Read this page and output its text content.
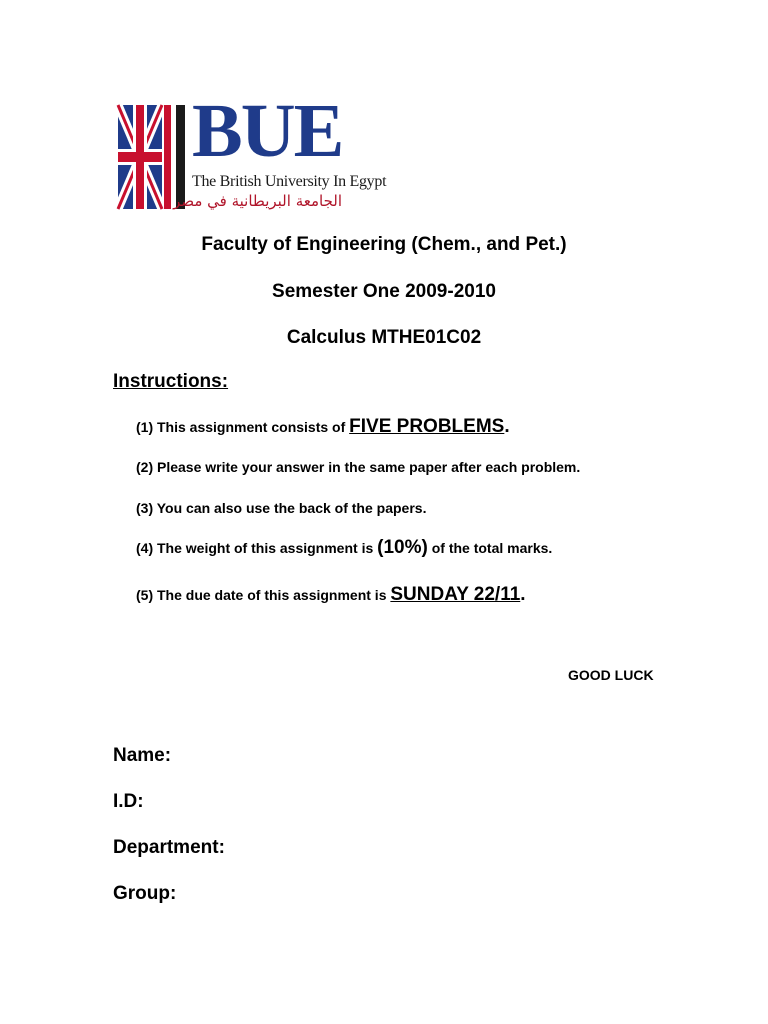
BUE
The British University In Egypt
الجامعة البريطانية في مصر
Faculty of Engineering (Chem., and Pet.)
Semester One 2009-2010
Calculus MTHE01C02
Instructions:
(1) This assignment consists of FIVE PROBLEMS.
(2) Please write your answer in the same paper after each problem.
(3) You can also use the back of the papers.
(4) The weight of this assignment is (10%) of the total marks.
(5) The due date of this assignment is SUNDAY 22/11.
GOOD LUCK
Name:
I.D:
Department:
Group:
